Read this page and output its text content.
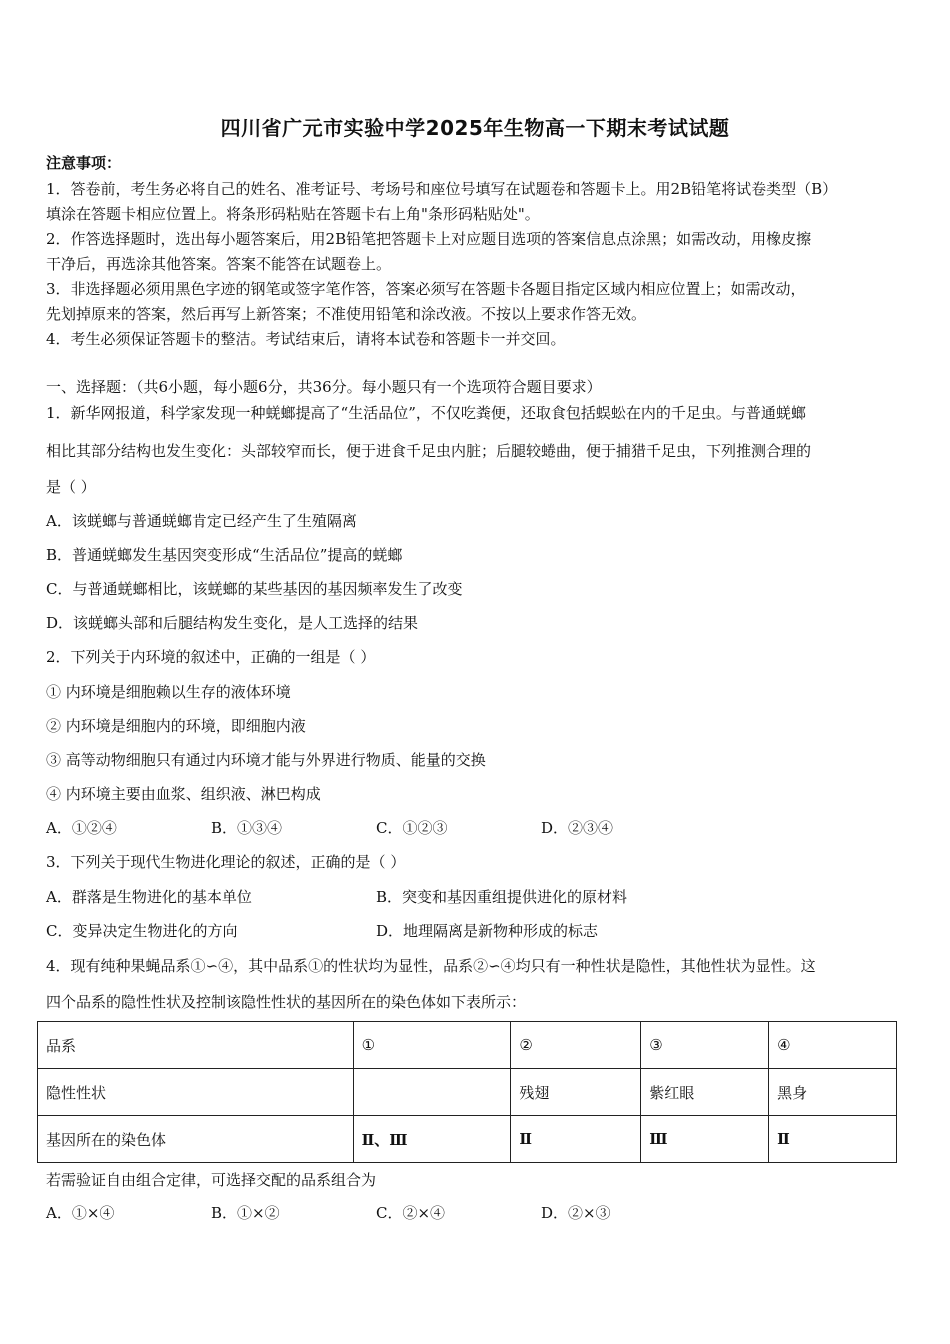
四川省广元市实验中学2025年生物高一下期末考试试题
注意事项：
1．答卷前，考生务必将自己的姓名、准考证号、考场号和座位号填写在试题卷和答题卡上。用2B铅笔将试卷类型（B）
填涂在答题卡相应位置上。将条形码粘贴在答题卡右上角"条形码粘贴处"。
2．作答选择题时，选出每小题答案后，用2B铅笔把答题卡上对应题目选项的答案信息点涂黑；如需改动，用橡皮擦
干净后，再选涂其他答案。答案不能答在试题卷上。
3．非选择题必须用黑色字迹的钢笔或签字笔作答，答案必须写在答题卡各题目指定区域内相应位置上；如需改动，
先划掉原来的答案，然后再写上新答案；不准使用铅笔和涂改液。不按以上要求作答无效。
4．考生必须保证答题卡的整洁。考试结束后，请将本试卷和答题卡一并交回。
一、选择题：（共6小题，每小题6分，共36分。每小题只有一个选项符合题目要求）
1．新华网报道，科学家发现一种蜣螂提高了“生活品位”，不仅吃粪便，还取食包括蜈蚣在内的千足虫。与普通蜣螂
相比其部分结构也发生变化：头部较窄而长，便于进食千足虫内脏；后腿较蜷曲，便于捕猎千足虫，下列推测合理的
是（ ）
A．该蜣螂与普通蜣螂肯定已经产生了生殖隔离
B．普通蜣螂发生基因突变形成“生活品位”提高的蜣螂
C．与普通蜣螂相比，该蜣螂的某些基因的基因频率发生了改变
D．该蜣螂头部和后腿结构发生变化，是人工选择的结果
2．下列关于内环境的叙述中，正确的一组是（ ）
① 内环境是细胞赖以生存的液体环境
② 内环境是细胞内的环境，即细胞内液
③ 高等动物细胞只有通过内环境才能与外界进行物质、能量的交换
④ 内环境主要由血浆、组织液、淋巴构成
A．①②④	B．①③④	C．①②③	D．②③④
3．下列关于现代生物进化理论的叙述，正确的是（ ）
A．群落是生物进化的基本单位	B．突变和基因重组提供进化的原材料
C．变异决定生物进化的方向	D．地理隔离是新物种形成的标志
4．现有纯种果蝇品系①∽④，其中品系①的性状均为显性，品系②∽④均只有一种性状是隐性，其他性状为显性。这
四个品系的隐性性状及控制该隐性性状的基因所在的染色体如下表所示：
品系	①	②	③	④
隐性性状		残翅	紫红眼	黑身
基因所在的染色体	Ⅱ、Ⅲ	Ⅱ	Ⅲ	Ⅱ
若需验证自由组合定律，可选择交配的品系组合为
A．①×④	B．①×②	C．②×④	D．②×③
